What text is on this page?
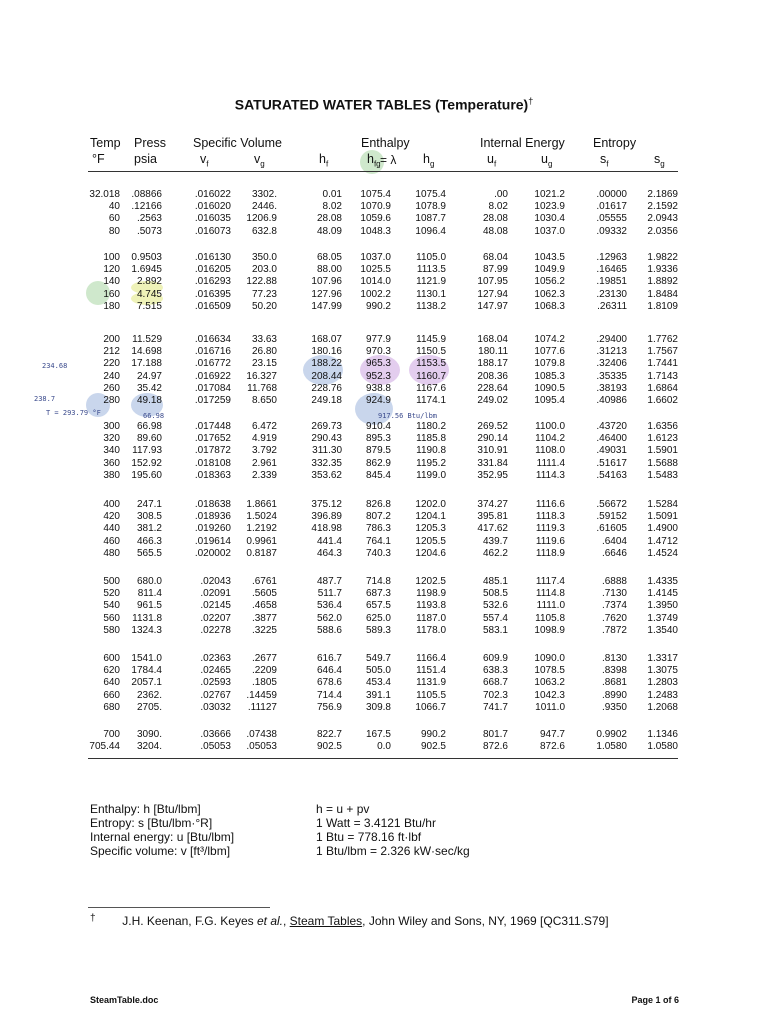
SATURATED WATER TABLES (Temperature)†
= λ
234.68
238.7
T = 293.79 °F	66.98	917.56 Btu/lbm
Temp Press Specific Volume	Enthalpy	Internal Energy Entropy
°F psia	$v_f$	$v_g$	$h_f$	$h_{fg}$	$h_g$	$u_f$	$u_g$	$s_f$	$s_g$
32.018 .08866	.016022 3302.	0.01 1075.4 1075.4	.00	1021.2	.00000 2.1869
40 .12166	.016020 2446.	8.02 1070.9 1078.9	8.02	1023.9	.01617 2.1592
60 .2563	.016035 1206.9	28.08 1059.6 1087.7	28.08	1030.4	.05555 2.0943
80 .5073	.016073 632.8	48.09 1048.3 1096.4	48.08	1037.0	.09332 2.0356
100 0.9503	.016130 350.0	68.05 1037.0	1105.0	68.04	1043.5	.12963 1.9822
120 1.6945	.016205 203.0	88.00 1025.5	1113.5	87.99	1049.9	.16465 1.9336
140 2.892	.016293 122.88	107.96 1014.0	1121.9	107.95	1056.2	.19851 1.8892
160 4.745	.016395 77.23	127.96 1002.2	1130.1	127.94	1062.3	.23130 1.8484
180 7.515	.016509 50.20	147.99 990.2	1138.2	147.97	1068.3	.26311 1.8109
200 11.529	.016634 33.63	168.07 977.9	1145.9	168.04	1074.2	.29400 1.7762
212 14.698	.016716 26.80	180.16 970.3	1150.5	180.11	1077.6	.31213 1.7567
220 17.188	.016772 23.15	188.22 965.3	1153.5	188.17	1079.8	.32406 1.7441
240 24.97	.016922 16.327	208.44 952.3	1160.7	208.36	1085.3	.35335 1.7143
260 35.42	.017084 11.768	228.76 938.8	1167.6	228.64	1090.5	.38193 1.6864
280 49.18	.017259 8.650	249.18 924.9	1174.1	249.02	1095.4	.40986 1.6602
300 66.98	.017448 6.472	269.73 910.4	1180.2	269.52	1100.0	.43720 1.6356
320 89.60	.017652 4.919	290.43 895.3	1185.8	290.14	1104.2	.46400 1.6123
340 117.93	.017872 3.792	311.30 879.5	1190.8	310.91	1108.0	.49031 1.5901
360 152.92	.018108 2.961	332.35 862.9	1195.2	331.84	1111.4	.51617 1.5688
380 195.60	.018363 2.339	353.62 845.4	1199.0	352.95	1114.3	.54163 1.5483
400 247.1	.018638 1.8661	375.12 826.8 1202.0	374.27	1116.6	.56672 1.5284
420 308.5	.018936 1.5024	396.89 807.2 1204.1	395.81	1118.3	.59152 1.5091
440 381.2	.019260 1.2192	418.98 786.3 1205.3	417.62	1119.3	.61605 1.4900
460 466.3	.019614 0.9961	441.4 764.1 1205.5	439.7	1119.6	.6404 1.4712
480 565.5	.020002 0.8187	464.3 740.3 1204.6	462.2	1118.9	.6646 1.4524
500 680.0	.02043 .6761	487.7 714.8 1202.5	485.1	1117.4	.6888 1.4335
520 811.4	.02091 .5605	511.7 687.3	1198.9	508.5	1114.8	.7130 1.4145
540 961.5	.02145 .4658	536.4 657.5	1193.8	532.6	1111.0	.7374 1.3950
560 1131.8	.02207 .3877	562.0 625.0	1187.0	557.4	1105.8	.7620 1.3749
580 1324.3	.02278 .3225	588.6 589.3	1178.0	583.1	1098.9	.7872 1.3540
600 1541.0	.02363 .2677	616.7 549.7	1166.4	609.9	1090.0	.8130 1.3317
620 1784.4	.02465 .2209	646.4 505.0	1151.4	638.3	1078.5	.8398 1.3075
640 2057.1	.02593 .1805	678.6 453.4	1131.9	668.7	1063.2	.8681 1.2803
660 2362.	.02767 .14459	714.4 391.1	1105.5	702.3	1042.3	.8990 1.2483
680 2705.	.03032 .11127	756.9 309.8 1066.7	741.7	1011.0	.9350 1.2068
700 3090.	.03666 .07438	822.7 167.5	990.2	801.7	947.7	0.9902 1.1346
705.44 3204.	.05053 .05053	902.5	0.0	902.5	872.6	872.6	1.0580 1.0580
Enthalpy: h [Btu/lbm]
Entropy: s [Btu/lbm·°R]
Internal energy: u [Btu/lbm]
Specific volume: v [ft³/lbm]
h = u + pv
1 Watt = 3.4121 Btu/hr
1 Btu = 778.16 ft·lbf
1 Btu/lbm = 2.326 kW·sec/kg
† J.H. Keenan, F.G. Keyes et al., Steam Tables, John Wiley and Sons, NY, 1969 [QC311.S79]
SteamTable.doc	Page 1 of 6
